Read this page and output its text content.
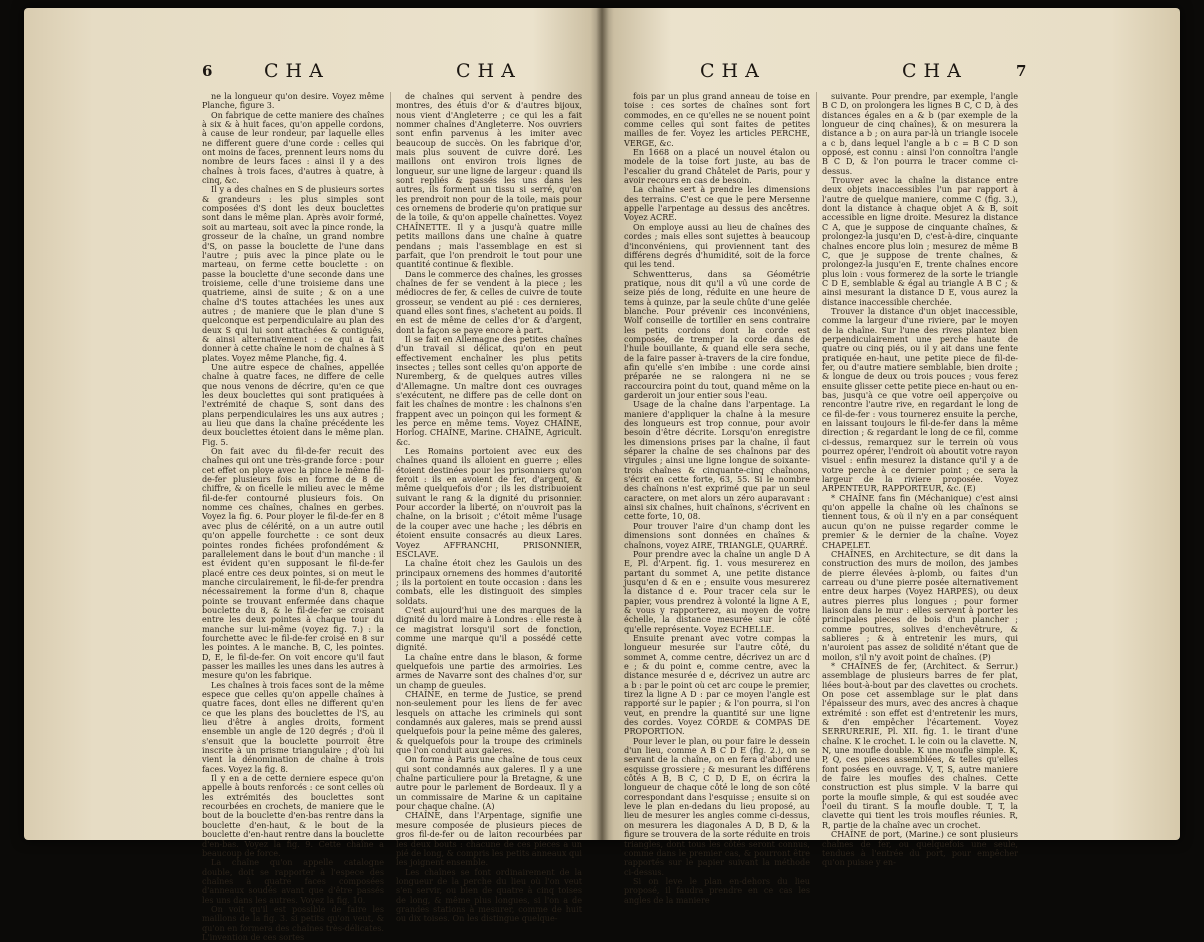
6	CHA	CHA

ne la longueur qu'on desire. Voyez même Planche, figure 3.

On fabrique de cette maniere des chaînes à six & à huit faces, qu'on appelle cordons, à cause de leur rondeur, par laquelle elles ne different guere d'une corde : celles qui ont moins de faces, prennent leurs noms du nombre de leurs faces : ainsi il y a des chaînes à trois faces, d'autres à quatre, à cinq, &c.

Il y a des chaînes en S de plusieurs sortes & grandeurs : les plus simples sont composées d'S dont les deux bouclettes sont dans le même plan. Après avoir formé, soit au marteau, soit avec la pince ronde, la grosseur de la chaîne, un grand nombre d'S, on passe la bouclette de l'une dans l'autre ; puis avec la pince plate ou le marteau, on ferme cette bouclette : on passe la bouclette d'une seconde dans une troisieme, celle d'une troisieme dans une quatrieme, ainsi de suite ; & on a une chaîne d'S toutes attachées les unes aux autres ; de maniere que le plan d'une S quelconque est perpendiculaire au plan des deux S qui lui sont attachées & contiguës, & ainsi alternativement : ce qui a fait donner à cette chaîne le nom de chaînes à S plates. Voyez même Planche, fig. 4.

Une autre espece de chaînes, appellée chaîne à quatre faces, ne differe de celle que nous venons de décrire, qu'en ce que les deux bouclettes qui sont pratiquées à l'extrémité de chaque S, sont dans des plans perpendiculaires les uns aux autres ; au lieu que dans la chaîne précédente les deux bouclettes étoient dans le même plan. Fig. 5.

On fait avec du fil-de-fer recuit des chaînes qui ont une très-grande force : pour cet effet on ploye avec la pince le même fil-de-fer plusieurs fois en forme de 8 de chiffre, & on ficelle le milieu avec le même fil-de-fer contourné plusieurs fois. On nomme ces chaînes, chaînes en gerbes. Voyez la fig. 6. Pour ployer le fil-de-fer en 8 avec plus de célérité, on a un autre outil qu'on appelle fourchette : ce sont deux pointes rondes fichées profondément & parallelement dans le bout d'un manche : il est évident qu'en supposant le fil-de-fer placé entre ces deux pointes, si on meut le manche circulairement, le fil-de-fer prendra nécessairement la forme d'un 8, chaque pointe se trouvant enfermée dans chaque bouclette du 8, & le fil-de-fer se croisant entre les deux pointes à chaque tour du manche sur lui-même (voyez fig. 7.) : la fourchette avec le fil-de-fer croisé en 8 sur les pointes. A le manche. B, C, les pointes. D, E, le fil-de-fer. On voit encore qu'il faut passer les mailles les unes dans les autres à mesure qu'on les fabrique.

Les chaînes à trois faces sont de la même espece que celles qu'on appelle chaînes à quatre faces, dont elles ne different qu'en ce que les plans des bouclettes de l'S, au lieu d'être à angles droits, forment ensemble un angle de 120 degrés ; d'où il s'ensuit que la bouclette pourroit être inscrite à un prisme triangulaire ; d'où lui vient la dénomination de chaîne à trois faces. Voyez la fig. 8.

Il y en a de cette derniere espece qu'on appelle à bouts renforcés : ce sont celles où les extrémités des bouclettes sont recourbées en crochets, de maniere que le bout de la bouclette d'en-bas rentre dans la bouclette d'en-haut, & le bout de la bouclette d'en-haut rentre dans la bouclette d'en-bas. Voyez la fig. 9. Cette chaîne a beaucoup de force.

La chaîne qu'on appelle catalogne double, doit se rapporter à l'espece des chaînes à quatre faces composées d'anneaux soudés avant que d'être passés les uns dans les autres. Voyez la fig. 10.

On voit qu'il est possible de faire les maillons de la fig. 3. si petits qu'on veut, & qu'on en formera des chaînes très-délicates. L'invention de ces sortes

de chaînes qui servent à pendre des montres, des étuis d'or & d'autres bijoux, nous vient d'Angleterre ; ce qui les a fait nommer chaînes d'Angleterre. Nos ouvriers sont enfin parvenus à les imiter avec beaucoup de succès. On les fabrique d'or, mais plus souvent de cuivre doré. Les maillons ont environ trois lignes de longueur, sur une ligne de largeur : quand ils sont repliés & passés les uns dans les autres, ils forment un tissu si serré, qu'on les prendroit non pour de la toile, mais pour ces ornemens de broderie qu'on pratique sur de la toile, & qu'on appelle chaînettes. Voyez CHAÎNETTE. Il y a jusqu'à quatre mille petits maillons dans une chaîne à quatre pendans ; mais l'assemblage en est si parfait, que l'on prendroit le tout pour une quantité continue & flexible.

Dans le commerce des chaînes, les grosses chaînes de fer se vendent à la piece ; les médiocres de fer, & celles de cuivre de toute grosseur, se vendent au pié : ces dernieres, quand elles sont fines, s'achetent au poids. Il en est de même de celles d'or & d'argent, dont la façon se paye encore à part.

Il se fait en Allemagne des petites chaînes d'un travail si délicat, qu'on en peut effectivement enchaîner les plus petits insectes ; telles sont celles qu'on apporte de Nuremberg, & de quelques autres villes d'Allemagne. Un maître dont ces ouvrages s'exécutent, ne differe pas de celle dont on fait les chaînes de montre : les chaînons s'en frappent avec un poinçon qui les forment & les perce en même tems. Voyez CHAÎNE, Horlog. CHAÎNE, Marine. CHAÎNE, Agricult. &c.

Les Romains portoient avec eux des chaînes quand ils alloient en guerre ; elles étoient destinées pour les prisonniers qu'on feroit : ils en avoient de fer, d'argent, & même quelquefois d'or ; ils les distribuoient suivant le rang & la dignité du prisonnier. Pour accorder la liberté, on n'ouvroit pas la chaîne, on la brisoit ; c'étoit même l'usage de la couper avec une hache ; les débris en étoient ensuite consacrés au dieux Lares. Voyez AFFRANCHI, PRISONNIER, ESCLAVE.

La chaîne étoit chez les Gaulois un des principaux ornemens des hommes d'autorité ; ils la portoient en toute occasion : dans les combats, elle les distinguoit des simples soldats.

C'est aujourd'hui une des marques de la dignité du lord maire à Londres : elle reste à ce magistrat lorsqu'il sort de fonction, comme une marque qu'il a possédé cette dignité.

La chaîne entre dans le blason, & forme quelquefois une partie des armoiries. Les armes de Navarre sont des chaînes d'or, sur un champ de gueules.

CHAÎNE, en terme de Justice, se prend non-seulement pour les liens de fer avec lesquels on attache les criminels qui sont condamnés aux galeres, mais se prend aussi quelquefois pour la peine même des galeres, & quelquefois pour la troupe des criminels que l'on conduit aux galeres.

On forme à Paris une chaîne de tous ceux qui sont condamnés aux galeres. Il y a une chaîne particuliere pour la Bretagne, & une autre pour le parlement de Bordeaux. Il y a un commissaire de Marine & un capitaine pour chaque chaîne. (A)

CHAÎNE, dans l'Arpentage, signifie une mesure composée de plusieurs pieces de gros fil-de-fer ou de laiton recourbées par les deux bouts : chacune de ces pieces a un pié de long, & compris les petits anneaux qui les joignent ensemble.

Les chaînes se font ordinairement de la longueur de la perche du lieu où l'on veut s'en servir, ou bien de quatre à cinq toises de long, & même plus longues, si l'on a de grandes stations à mesurer, comme de huit ou dix toises. On les distingue quelque-

CHA	CHA	7

fois par un plus grand anneau de toise en toise : ces sortes de chaînes sont fort commodes, en ce qu'elles ne se nouent point comme celles qui sont faites de petites mailles de fer. Voyez les articles PERCHE, VERGE, &c.

En 1668 on a placé un nouvel étalon ou modele de la toise fort juste, au bas de l'escalier du grand Châtelet de Paris, pour y avoir recours en cas de besoin.

La chaîne sert à prendre les dimensions des terrains. C'est ce que le pere Mersenne appelle l'arpentage au dessus des ancêtres. Voyez ACRE.

On employe aussi au lieu de chaînes des cordes ; mais elles sont sujettes à beaucoup d'inconvéniens, qui proviennent tant des différens degrés d'humidité, soit de la force qui les tend.

Schwentterus, dans sa Géométrie pratique, nous dit qu'il a vû une corde de seize piés de long, réduite en une heure de tems à quinze, par la seule chûte d'une gelée blanche. Pour prévenir ces inconvéniens, Wolf conseille de tortiller en sens contraire les petits cordons dont la corde est composée, de tremper la corde dans de l'huile bouillante, & quand elle sera seche, de la faire passer à-travers de la cire fondue, afin qu'elle s'en imbibe : une corde ainsi préparée ne se ralongera ni ne se raccourcira point du tout, quand même on la garderoit un jour entier sous l'eau.

Usage de la chaîne dans l'arpentage. La maniere d'appliquer la chaîne à la mesure des longueurs est trop connue, pour avoir besoin d'être décrite. Lorsqu'on enregistre les dimensions prises par la chaîne, il faut séparer la chaîne de ses chaînons par des virgules ; ainsi une ligne longue de soixante-trois chaînes & cinquante-cinq chaînons, s'écrit en cette forte, 63, 55. Si le nombre des chaînons n'est exprimé que par un seul caractere, on met alors un zéro auparavant : ainsi six chaînes, huit chaînons, s'écrivent en cette forte, 10, 08.

Pour trouver l'aire d'un champ dont les dimensions sont données en chaînes & chaînons, voyez AIRE, TRIANGLE, QUARRÉ.

Pour prendre avec la chaîne un angle D A E, Pl. d'Arpent. fig. 1. vous mesurerez en partant du sommet A, une petite distance jusqu'en d & en e ; ensuite vous mesurerez la distance d e. Pour tracer cela sur le papier, vous prendrez à volonté la ligne A E, & vous y rapporterez, au moyen de votre échelle, la distance mesurée sur le côté qu'elle représente. Voyez ECHELLE.

Ensuite prenant avec votre compas la longueur mesurée sur l'autre côté, du sommet A, comme centre, décrivez un arc d e ; & du point e, comme centre, avec la distance mesurée d e, décrivez un autre arc a b : par le point où cet arc coupe le premier, tirez la ligne A D : par ce moyen l'angle est rapporté sur le papier ; & l'on pourra, si l'on veut, en prendre la quantité sur une ligne des cordes. Voyez CORDE & COMPAS DE PROPORTION.

Pour lever le plan, ou pour faire le dessein d'un lieu, comme A B C D E (fig. 2.), on se servant de la chaîne, on en fera d'abord une esquisse grossiere ; & mesurant les différens côtés A B, B C, C D, D E, on écrira la longueur de chaque côté le long de son côté correspondant dans l'esquisse ; ensuite si on leve le plan en-dedans du lieu proposé, au lieu de mesurer les angles comme ci-dessus, on mesurera les diagonales A D, B D, & la figure se trouvera de la sorte réduite en trois triangles, dont tous les côtés seront connus, comme dans le premier cas, & pourront être rapportés sur le papier suivant la méthode ci-dessus.

Si on leve le plan en-dehors du lieu proposé, il faudra prendre en ce cas les angles de la maniere

suivante. Pour prendre, par exemple, l'angle B C D, on prolongera les lignes B C, C D, à des distances égales en a & b (par exemple de la longueur de cinq chaînes), & on mesurera la distance a b ; on aura par-là un triangle isocele a c b, dans lequel l'angle a b c = B C D son opposé, est connu : ainsi l'on connoîtra l'angle B C D, & l'on pourra le tracer comme ci-dessus.

Trouver avec la chaîne la distance entre deux objets inaccessibles l'un par rapport à l'autre de quelque maniere, comme C (fig. 3.), dont la distance à chaque objet A & B, soit accessible en ligne droite. Mesurez la distance C A, que je suppose de cinquante chaînes, & prolongez-la jusqu'en D, c'est-à-dire, cinquante chaînes encore plus loin ; mesurez de même B C, que je suppose de trente chaînes, & prolongez-la jusqu'en E, trente chaînes encore plus loin : vous formerez de la sorte le triangle C D E, semblable & égal au triangle A B C ; & ainsi mesurant la distance D E, vous aurez la distance inaccessible cherchée.

Trouver la distance d'un objet inaccessible, comme la largeur d'une riviere, par le moyen de la chaîne. Sur l'une des rives plantez bien perpendiculairement une perche haute de quatre ou cinq piés, ou il y ait dans une fente pratiquée en-haut, une petite piece de fil-de-fer, ou d'autre matiere semblable, bien droite ; & longue de deux ou trois pouces ; vous ferez ensuite glisser cette petite piece en-haut ou en-bas, jusqu'à ce que votre oeil apperçoive ou rencontre l'autre rive, en regardant le long de ce fil-de-fer : vous tournerez ensuite la perche, en laissant toujours le fil-de-fer dans la même direction ; & regardant le long de ce fil, comme ci-dessus, remarquez sur le terrein où vous pourrez opérer, l'endroit où aboutit votre rayon visuel : enfin mesurez la distance qu'il y a de votre perche à ce dernier point ; ce sera la largeur de la riviere proposée. Voyez ARPENTEUR, RAPPORTEUR, &c. (E)

* CHAÎNE fans fin (Méchanique) c'est ainsi qu'on appelle la chaîne où les chaînons se tiennent tous, & où il n'y en a par conséquent aucun qu'on ne puisse regarder comme le premier & le dernier de la chaîne. Voyez CHAPELET.

CHAÎNES, en Architecture, se dit dans la construction des murs de moilon, des jambes de pierre élevées à-plomb, ou faites d'un carreau ou d'une pierre posée alternativement entre deux harpes (Voyez HARPES), ou deux autres pierres plus longues ; pour former liaison dans le mur : elles servent à porter les principales pieces de bois d'un plancher ; comme poutres, solives d'enchevêtrure, & sablieres ; & à entretenir les murs, qui n'auroient pas assez de solidité n'étant que de moilon, s'il n'y avoit point de chaînes. (P)

* CHAÎNES de fer, (Architect. & Serrur.) assemblage de plusieurs barres de fer plat, liées bout-à-bout par des clavettes ou crochets. On pose cet assemblage sur le plat dans l'épaisseur des murs, avec des ancres à chaque extrémité : son effet est d'entretenir les murs, & d'en empêcher l'écartement. Voyez SERRURERIE, Pl. XII. fig. 1. le tirant d'une chaîne. K le crochet. L le coin ou la clavette. N, N, une moufle double. K une moufle simple. K, P, Q, ces pieces assemblées, & telles qu'elles font posées en ouvrage. V, T, S, autre maniere de faire les moufles des chaînes. Cette construction est plus simple. V la barre qui porte la moufle simple, & qui est soudée avec l'oeil du tirant. S la moufle double. T, T, la clavette qui tient les trois moufles réunies. R, R, partie de la chaîne avec un crochet.

CHAÎNE de port, (Marine.) ce sont plusieurs chaînes de fer, ou quelquefois une seule, tendues à l'entrée du port, pour empêcher qu'on puisse y en-
